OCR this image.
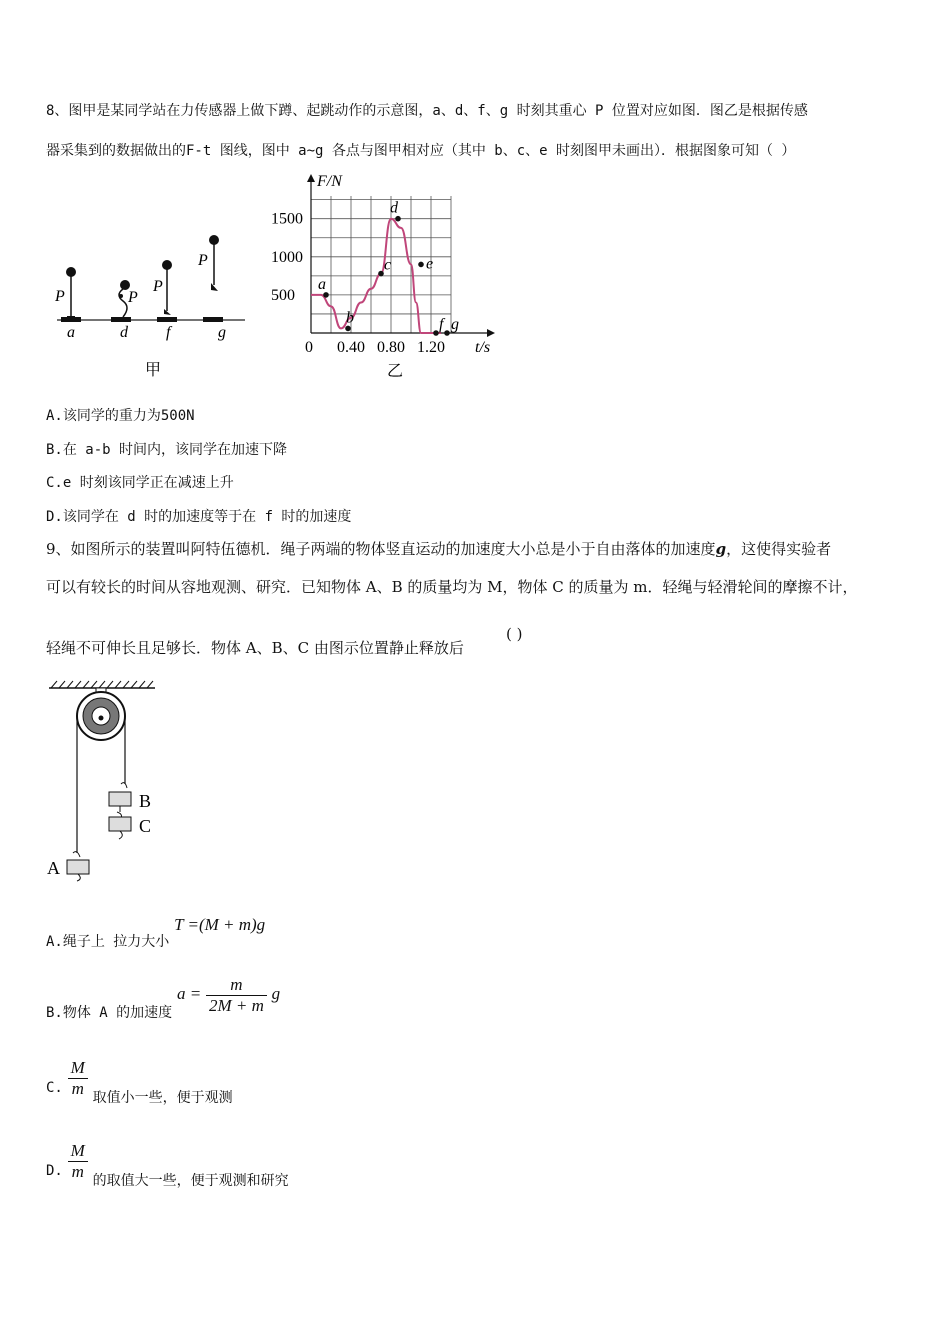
8、图甲是某同学站在力传感器上做下蹲、起跳动作的示意图，a、d、f、g 时刻其重心 P 位置对应如图．图乙是根据传感
器采集到的数据做出的F-t 图线，图中 a~g 各点与图甲相对应（其中 b、c、e 时刻图甲未画出）．根据图象可知（ ）
P	P
P
P
a	d f	g
甲
F/N
t/s
乙
a
b
c
d
e
f g
0 0.40 0.80 1.20
500
1000
1500
A.该同学的重力为500N
B.在 a-b 时间内，该同学在加速下降
C.e 时刻该同学正在减速上升
D.该同学在 d 时的加速度等于在 f 时的加速度
9、如图所示的装置叫阿特伍德机．绳子两端的物体竖直运动的加速度大小总是小于自由落体的加速度g，这使得实验者
可以有较长的时间从容地观测、研究．已知物体 A、B 的质量均为 M，物体 C 的质量为 m．轻绳与轻滑轮间的摩擦不计，
轻绳不可伸长且足够长．物体 A、B、C 由图示位置静止释放后
( )
B
C
A
A.绳子上 拉力大小 T =(M + m)g
B.物体 A 的加速度 $a = \frac{m}{2M + m}$ g
C. $\frac{M}{m}$ 取值小一些，便于观测
D. $\frac{M}{m}$ 的取值大一些，便于观测和研究
